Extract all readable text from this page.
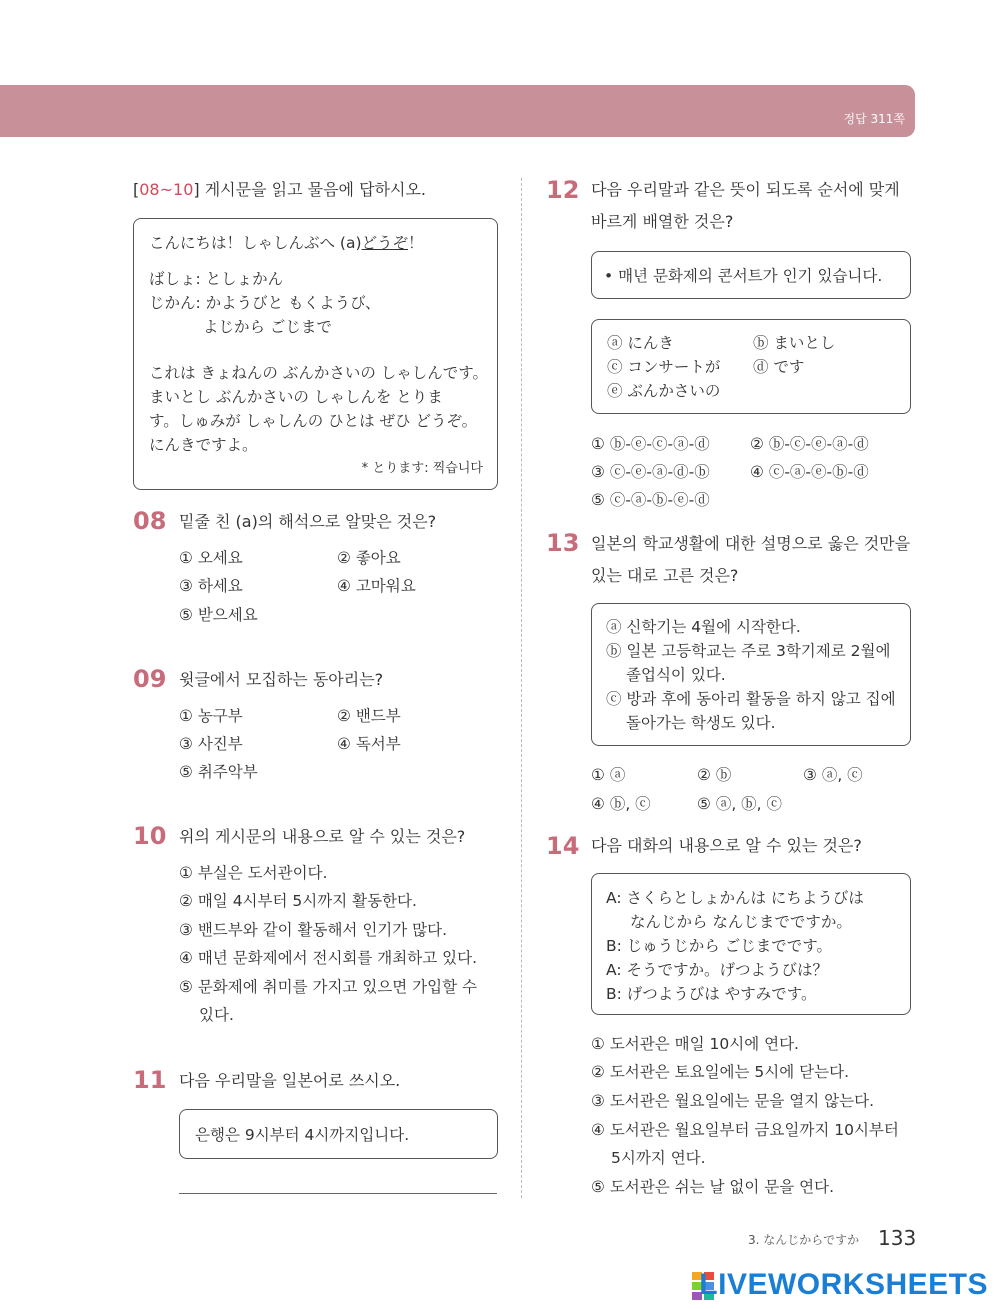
정답 311쪽
[08~10] 게시문을 읽고 물음에 답하시오.
こんにちは！しゃしんぶへ (a)どうぞ！
ばしょ: としょかん
じかん: かようびと もくようび、
よじから ごじまで
これは きょねんの ぶんかさいの しゃしんです。
まいとし ぶんかさいの しゃしんを とりま
す。しゅみが しゃしんの ひとは ぜひ どうぞ。
にんきですよ。
* とります: 찍습니다
08 밑줄 친 (a)의 해석으로 알맞은 것은?
① 오세요	② 좋아요
③ 하세요	④ 고마워요
⑤ 받으세요
09 윗글에서 모집하는 동아리는?
① 농구부	② 밴드부
③ 사진부	④ 독서부
⑤ 취주악부
10 위의 게시문의 내용으로 알 수 있는 것은?
① 부실은 도서관이다.
② 매일 4시부터 5시까지 활동한다.
③ 밴드부와 같이 활동해서 인기가 많다.
④ 매년 문화제에서 전시회를 개최하고 있다.
⑤ 문화제에 취미를 가지고 있으면 가입할 수
있다.
11 다음 우리말을 일본어로 쓰시오.
은행은 9시부터 4시까지입니다.
12 다음 우리말과 같은 뜻이 되도록 순서에 맞게
바르게 배열한 것은?
• 매년 문화제의 콘서트가 인기 있습니다.
ⓐ にんき	ⓑ まいとし
ⓒ コンサートが ⓓ です
ⓔ ぶんかさいの
① ⓑ-ⓔ-ⓒ-ⓐ-ⓓ	② ⓑ-ⓒ-ⓔ-ⓐ-ⓓ
③ ⓒ-ⓔ-ⓐ-ⓓ-ⓑ	④ ⓒ-ⓐ-ⓔ-ⓑ-ⓓ
⑤ ⓒ-ⓐ-ⓑ-ⓔ-ⓓ
13 일본의 학교생활에 대한 설명으로 옳은 것만을
있는 대로 고른 것은?
ⓐ 신학기는 4월에 시작한다.
ⓑ 일본 고등학교는 주로 3학기제로 2월에
졸업식이 있다.
ⓒ 방과 후에 동아리 활동을 하지 않고 집에
돌아가는 학생도 있다.
① ⓐ	② ⓑ	③ ⓐ, ⓒ
④ ⓑ, ⓒ	⑤ ⓐ, ⓑ, ⓒ
14 다음 대화의 내용으로 알 수 있는 것은?
A: さくらとしょかんは にちようびは
なんじから なんじまでですか。
B: じゅうじから ごじまでです。
A: そうですか。げつようびは？
B: げつようびは やすみです。
① 도서관은 매일 10시에 연다.
② 도서관은 토요일에는 5시에 닫는다.
③ 도서관은 월요일에는 문을 열지 않는다.
④ 도서관은 월요일부터 금요일까지 10시부터
5시까지 연다.
⑤ 도서관은 쉬는 날 없이 문을 연다.
3. なんじからですか 133
LIVEWORKSHEETS
